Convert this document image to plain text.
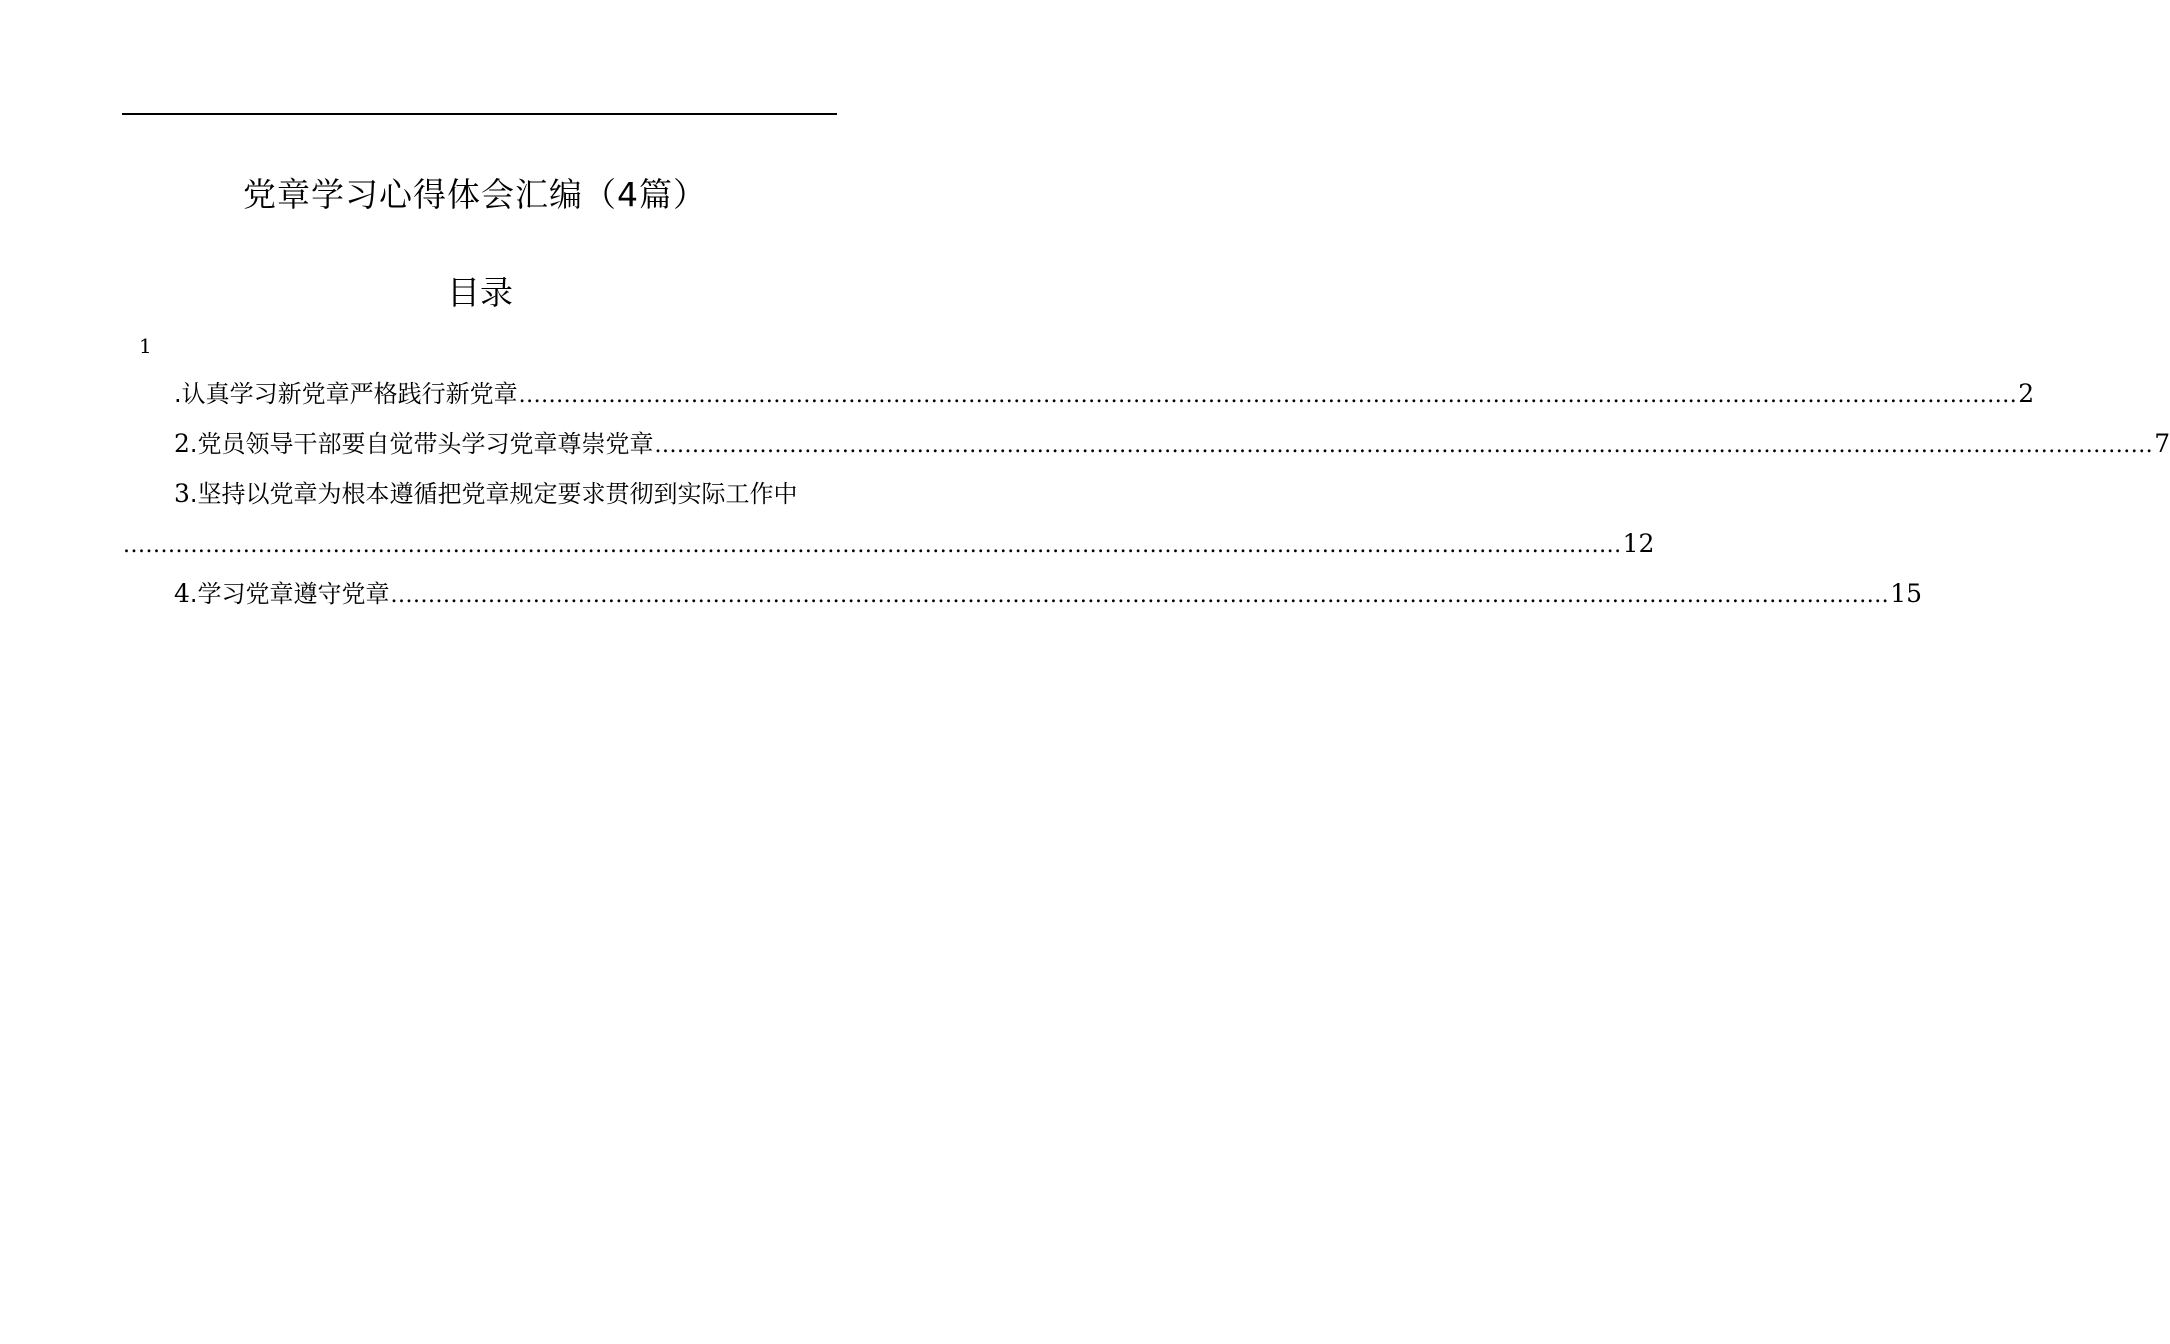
党章学习心得体会汇编（4篇）
目录
1
.认真学习新党章严格践行新党章 ........................................................................................................................................................................................................ 2
2.党员领导干部要自觉带头学习党章尊崇党章 ........................................................................................................................................................................................................ 7
3.坚持以党章为根本遵循把党章规定要求贯彻到实际工作中
........................................................................................................................................................................................................ 12
4.学习党章遵守党章 ........................................................................................................................................................................................................ 15
